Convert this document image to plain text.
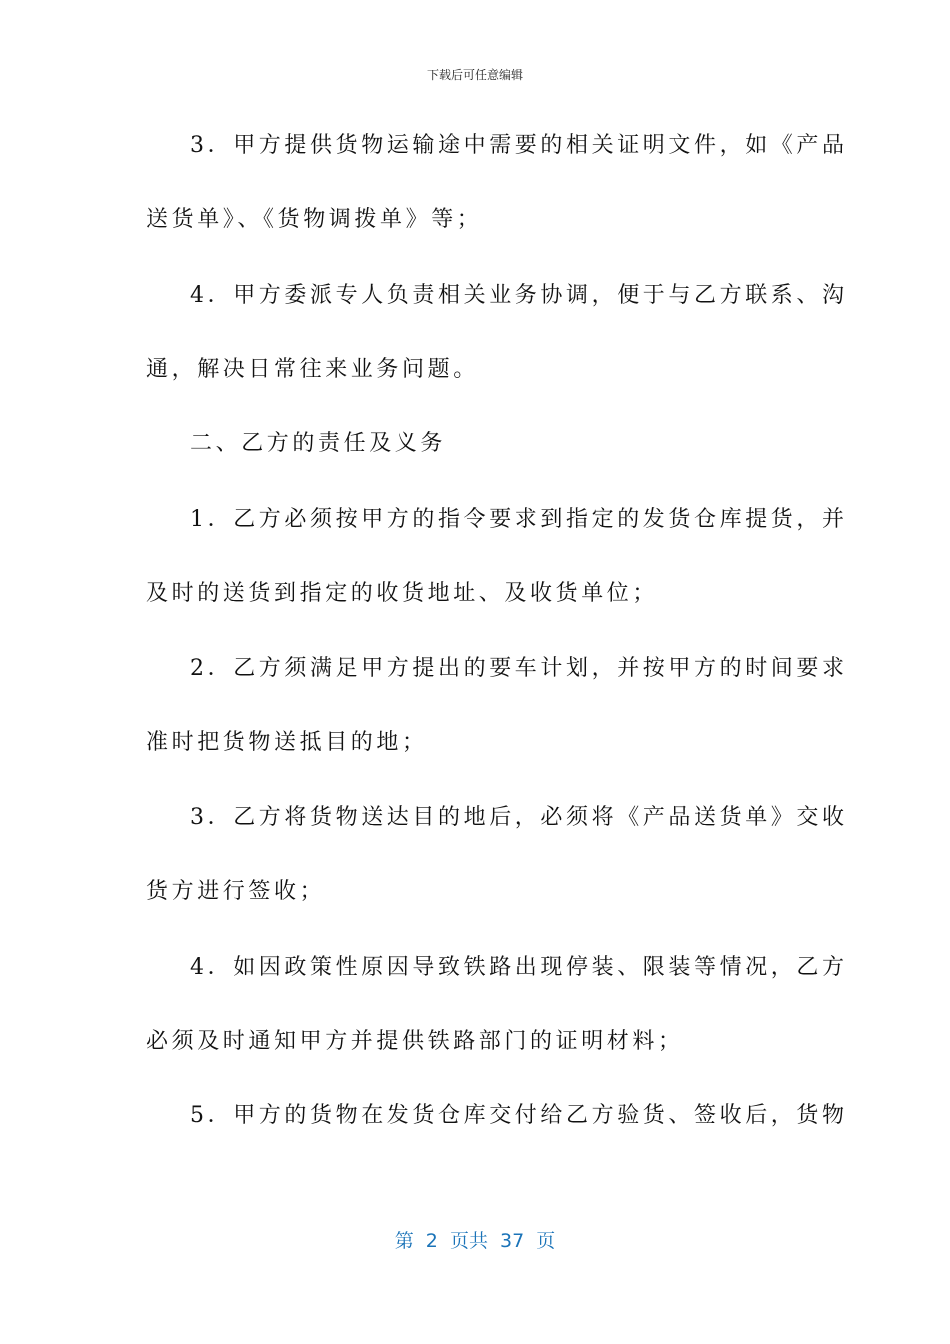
下载后可任意编辑
3．甲方提供货物运输途中需要的相关证明文件，如《产品
送货单》、《货物调拨单》等；
4．甲方委派专人负责相关业务协调，便于与乙方联系、沟
通，解决日常往来业务问题。
二、乙方的责任及义务
1．乙方必须按甲方的指令要求到指定的发货仓库提货，并
及时的送货到指定的收货地址、及收货单位；
2．乙方须满足甲方提出的要车计划，并按甲方的时间要求
准时把货物送抵目的地；
3．乙方将货物送达目的地后，必须将《产品送货单》交收
货方进行签收；
4．如因政策性原因导致铁路出现停装、限装等情况，乙方
必须及时通知甲方并提供铁路部门的证明材料；
5．甲方的货物在发货仓库交付给乙方验货、签收后，货物
第  2  页共  37  页
